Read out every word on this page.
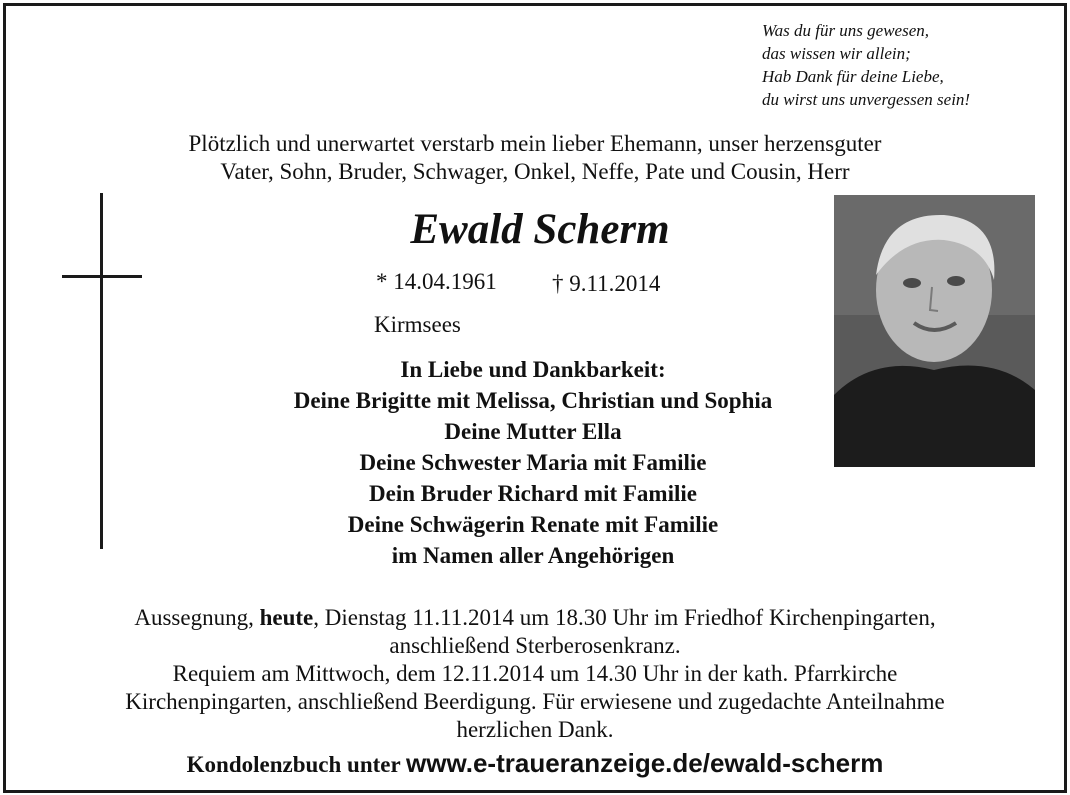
Was du für uns gewesen,
das wissen wir allein;
Hab Dank für deine Liebe,
du wirst uns unvergessen sein!
Plötzlich und unerwartet verstarb mein lieber Ehemann, unser herzensguter
Vater, Sohn, Bruder, Schwager, Onkel, Neffe, Pate und Cousin, Herr
Ewald Scherm
* 14.04.1961 † 9.11.2014
Kirmsees
In Liebe und Dankbarkeit:
Deine Brigitte mit Melissa, Christian und Sophia
Deine Mutter Ella
Deine Schwester Maria mit Familie
Dein Bruder Richard mit Familie
Deine Schwägerin Renate mit Familie
im Namen aller Angehörigen
Aussegnung, heute, Dienstag 11.11.2014 um 18.30 Uhr im Friedhof Kirchenpingarten,
anschließend Sterberosenkranz.
Requiem am Mittwoch, dem 12.11.2014 um 14.30 Uhr in der kath. Pfarrkirche
Kirchenpingarten, anschließend Beerdigung. Für erwiesene und zugedachte Anteilnahme
herzlichen Dank.
Kondolenzbuch unter www.e-traueranzeige.de/ewald-scherm
